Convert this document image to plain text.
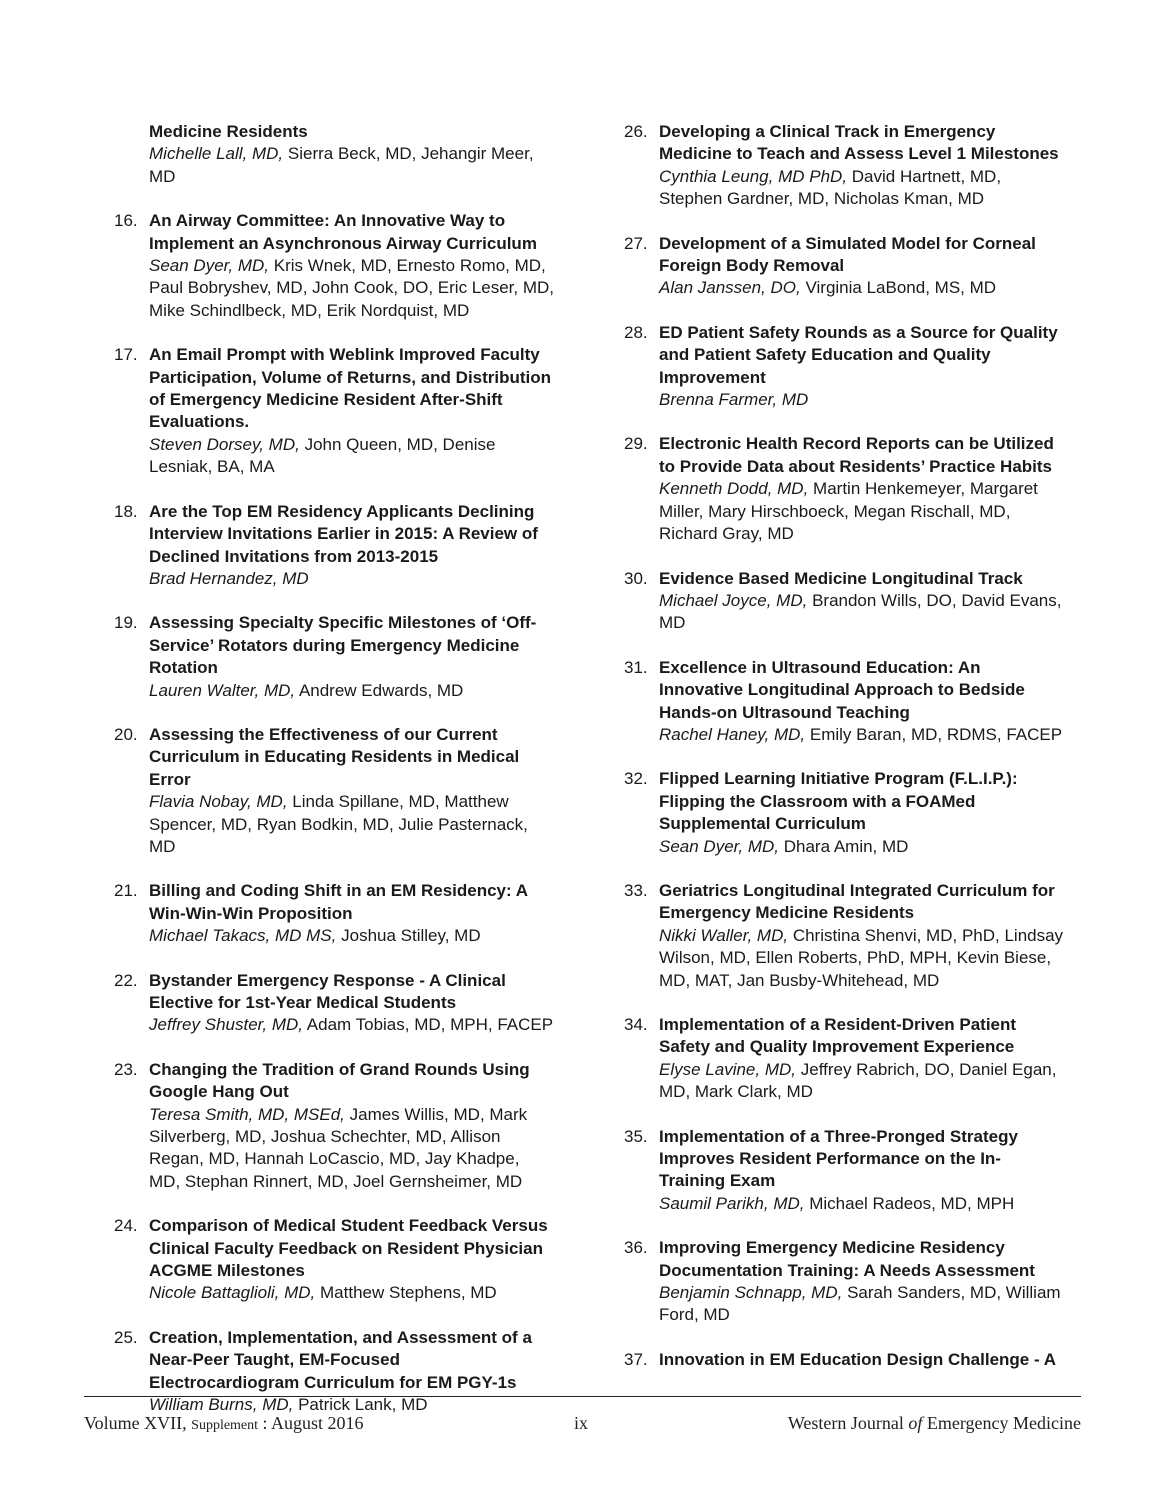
Medicine Residents
Michelle Lall, MD, Sierra Beck, MD, Jehangir Meer, MD
16. An Airway Committee: An Innovative Way to Implement an Asynchronous Airway Curriculum
Sean Dyer, MD, Kris Wnek, MD, Ernesto Romo, MD, Paul Bobryshev, MD, John Cook, DO, Eric Leser, MD, Mike Schindlbeck, MD, Erik Nordquist, MD
17. An Email Prompt with Weblink Improved Faculty Participation, Volume of Returns, and Distribution of Emergency Medicine Resident After-Shift Evaluations.
Steven Dorsey, MD, John Queen, MD, Denise Lesniak, BA, MA
18. Are the Top EM Residency Applicants Declining Interview Invitations Earlier in 2015: A Review of Declined Invitations from 2013-2015
Brad Hernandez, MD
19. Assessing Specialty Specific Milestones of ‘Off-Service’ Rotators during Emergency Medicine Rotation
Lauren Walter, MD, Andrew Edwards, MD
20. Assessing the Effectiveness of our Current Curriculum in Educating Residents in Medical Error
Flavia Nobay, MD, Linda Spillane, MD, Matthew Spencer, MD, Ryan Bodkin, MD, Julie Pasternack, MD
21. Billing and Coding Shift in an EM Residency: A Win-Win-Win Proposition
Michael Takacs, MD MS, Joshua Stilley, MD
22. Bystander Emergency Response - A Clinical Elective for 1st-Year Medical Students
Jeffrey Shuster, MD, Adam Tobias, MD, MPH, FACEP
23. Changing the Tradition of Grand Rounds Using Google Hang Out
Teresa Smith, MD, MSEd, James Willis, MD, Mark Silverberg, MD, Joshua Schechter, MD, Allison Regan, MD, Hannah LoCascio, MD, Jay Khadpe, MD, Stephan Rinnert, MD, Joel Gernsheimer, MD
24. Comparison of Medical Student Feedback Versus Clinical Faculty Feedback on Resident Physician ACGME Milestones
Nicole Battaglioli, MD, Matthew Stephens, MD
25. Creation, Implementation, and Assessment of a Near-Peer Taught, EM-Focused Electrocardiogram Curriculum for EM PGY-1s
William Burns, MD, Patrick Lank, MD
26. Developing a Clinical Track in Emergency Medicine to Teach and Assess Level 1 Milestones
Cynthia Leung, MD PhD, David Hartnett, MD, Stephen Gardner, MD, Nicholas Kman, MD
27. Development of a Simulated Model for Corneal Foreign Body Removal
Alan Janssen, DO, Virginia LaBond, MS, MD
28. ED Patient Safety Rounds as a Source for Quality and Patient Safety Education and Quality Improvement
Brenna Farmer, MD
29. Electronic Health Record Reports can be Utilized to Provide Data about Residents’ Practice Habits
Kenneth Dodd, MD, Martin Henkemeyer, Margaret Miller, Mary Hirschboeck, Megan Rischall, MD, Richard Gray, MD
30. Evidence Based Medicine Longitudinal Track
Michael Joyce, MD, Brandon Wills, DO, David Evans, MD
31. Excellence in Ultrasound Education: An Innovative Longitudinal Approach to Bedside Hands-on Ultrasound Teaching
Rachel Haney, MD, Emily Baran, MD, RDMS, FACEP
32. Flipped Learning Initiative Program (F.L.I.P.): Flipping the Classroom with a FOAMed Supplemental Curriculum
Sean Dyer, MD, Dhara Amin, MD
33. Geriatrics Longitudinal Integrated Curriculum for Emergency Medicine Residents
Nikki Waller, MD, Christina Shenvi, MD, PhD, Lindsay Wilson, MD, Ellen Roberts, PhD, MPH, Kevin Biese, MD, MAT, Jan Busby-Whitehead, MD
34. Implementation of a Resident-Driven Patient Safety and Quality Improvement Experience
Elyse Lavine, MD, Jeffrey Rabrich, DO, Daniel Egan, MD, Mark Clark, MD
35. Implementation of a Three-Pronged Strategy Improves Resident Performance on the In-Training Exam
Saumil Parikh, MD, Michael Radeos, MD, MPH
36. Improving Emergency Medicine Residency Documentation Training: A Needs Assessment
Benjamin Schnapp, MD, Sarah Sanders, MD, William Ford, MD
37. Innovation in EM Education Design Challenge - A
Volume XVII, Supplement : August 2016	ix	Western Journal of Emergency Medicine
